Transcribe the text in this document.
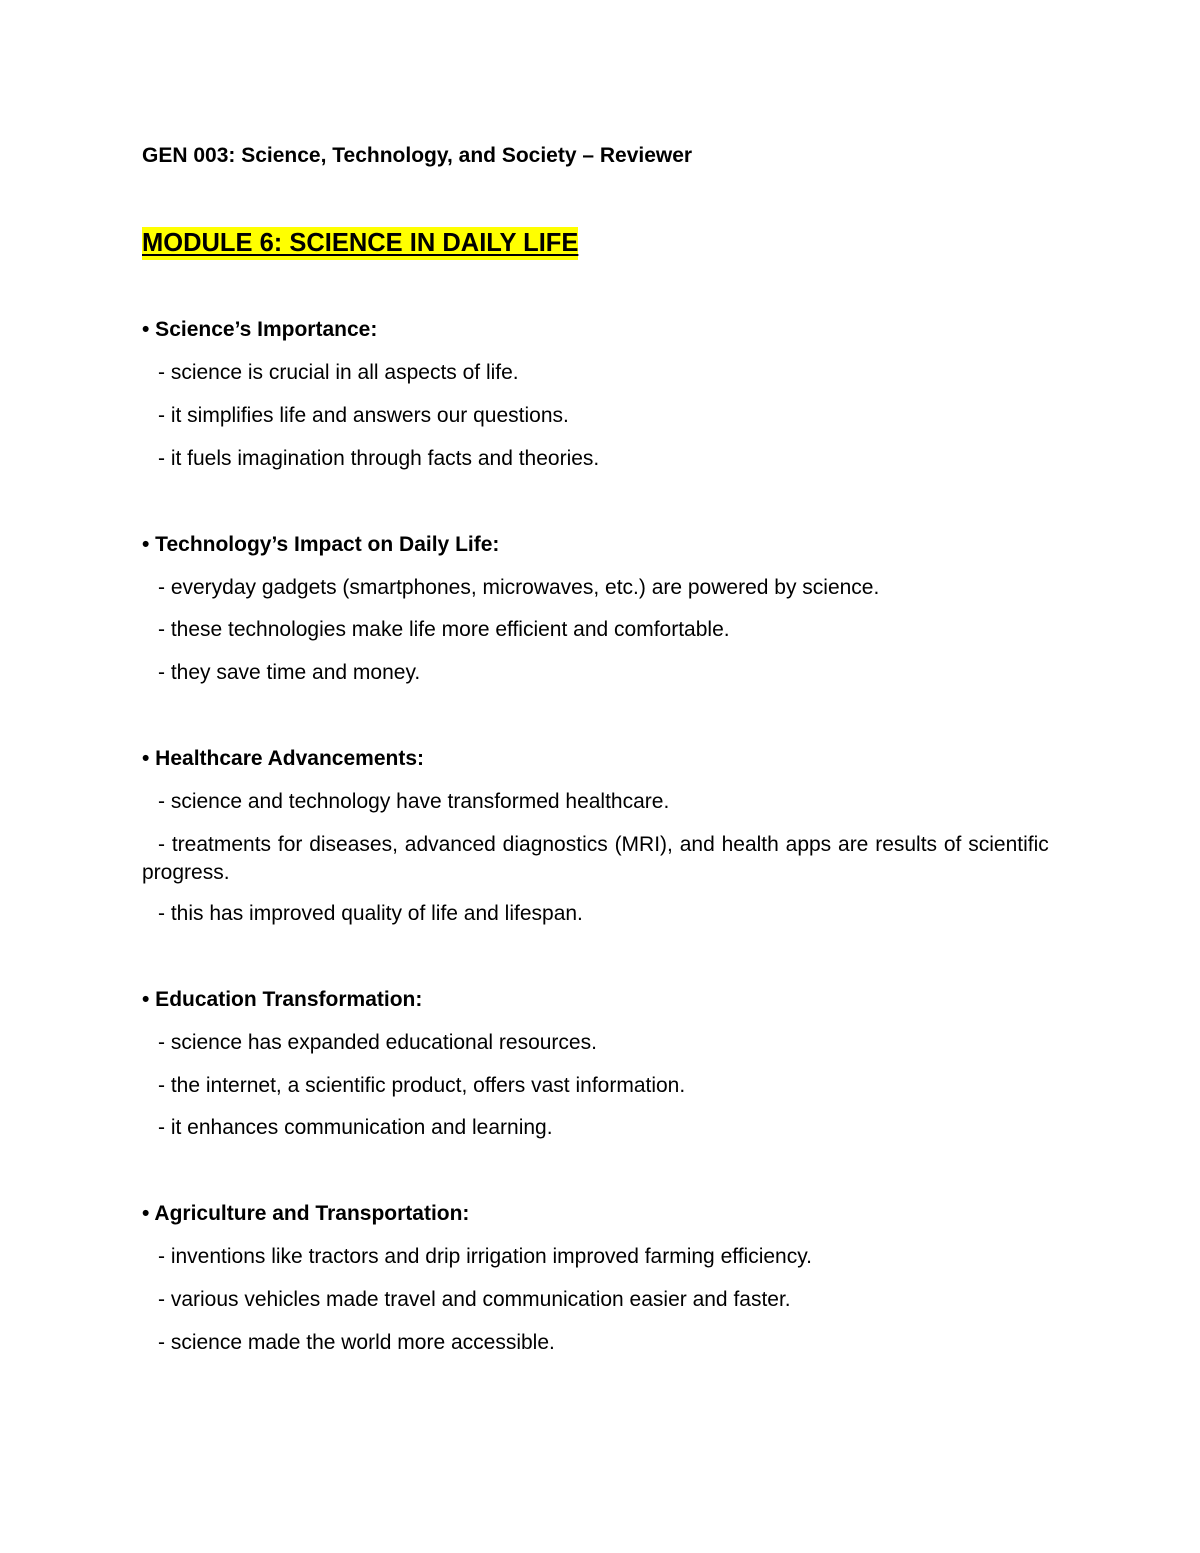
GEN 003: Science, Technology, and Society – Reviewer
MODULE 6: SCIENCE IN DAILY LIFE
• Science’s Importance:
- science is crucial in all aspects of life.
- it simplifies life and answers our questions.
- it fuels imagination through facts and theories.
• Technology’s Impact on Daily Life:
- everyday gadgets (smartphones, microwaves, etc.) are powered by science.
- these technologies make life more efficient and comfortable.
- they save time and money.
• Healthcare Advancements:
- science and technology have transformed healthcare.
- treatments for diseases, advanced diagnostics (MRI), and health apps are results of scientific progress.
- this has improved quality of life and lifespan.
• Education Transformation:
- science has expanded educational resources.
- the internet, a scientific product, offers vast information.
- it enhances communication and learning.
• Agriculture and Transportation:
- inventions like tractors and drip irrigation improved farming efficiency.
- various vehicles made travel and communication easier and faster.
- science made the world more accessible.
